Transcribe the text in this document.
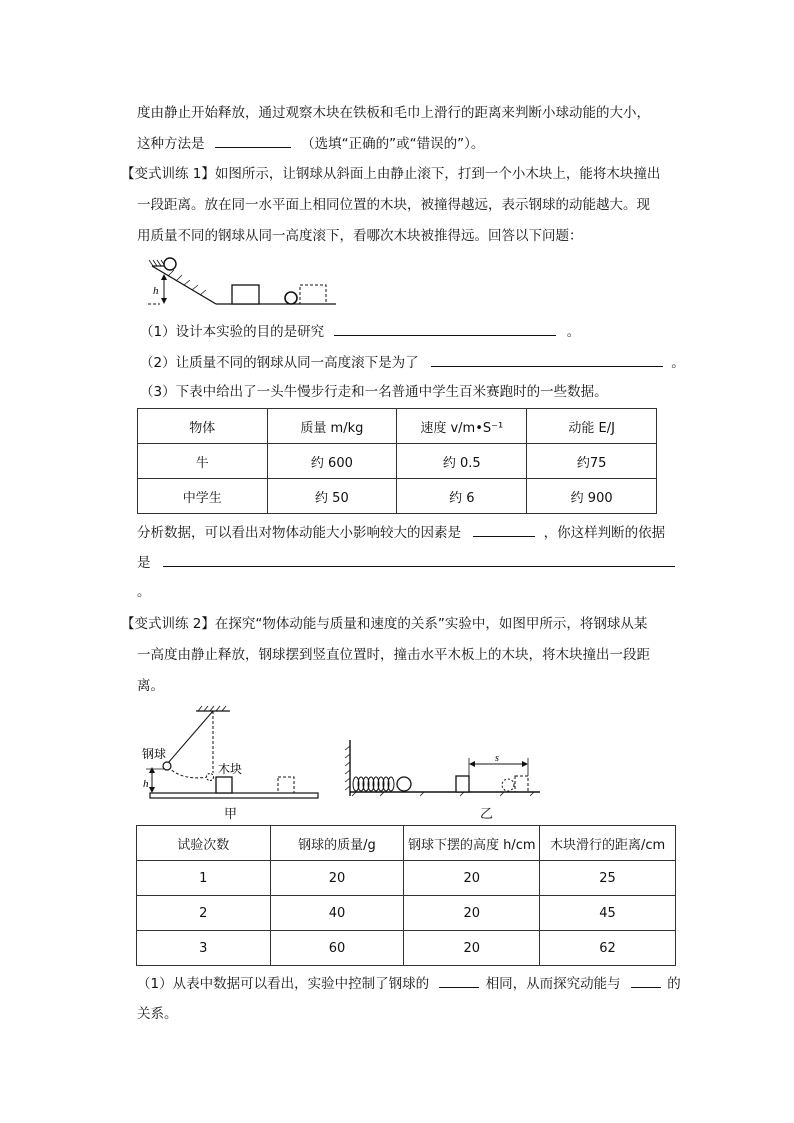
度由静止开始释放，通过观察木块在铁板和毛巾上滑行的距离来判断小球动能的大小，
这种方法是	（选填“正确的”或“错误的”）。
【变式训练 1】如图所示，让钢球从斜面上由静止滚下，打到一个小木块上，能将木块撞出
一段距离。放在同一水平面上相同位置的木块，被撞得越远，表示钢球的动能越大。现
用质量不同的钢球从同一高度滚下，看哪次木块被推得远。回答以下问题：
h
（1）设计本实验的目的是研究	。
（2）让质量不同的钢球从同一高度滚下是为了	。
（3）下表中给出了一头牛慢步行走和一名普通中学生百米赛跑时的一些数据。
物体	质量 m/kg	速度 v/m•S⁻¹	动能 E/J
牛	约 600	约 0.5	约75
中学生	约 50	约 6	约 900
分析数据，可以看出对物体动能大小影响较大的因素是	，你这样判断的依据
是
。
【变式训练 2】在探究“物体动能与质量和速度的关系”实验中，如图甲所示，将钢球从某
一高度由静止释放，钢球摆到竖直位置时，撞击水平木板上的木块，将木块撞出一段距
离。
h
钢球
木块
甲
s
乙
试验次数	钢球的质量/g	钢球下摆的高度 h/cm	木块滑行的距离/cm
1	20	20	25
2	40	20	45
3	60	20	62
（1）从表中数据可以看出，实验中控制了钢球的	相同，从而探究动能与	的
关系。
